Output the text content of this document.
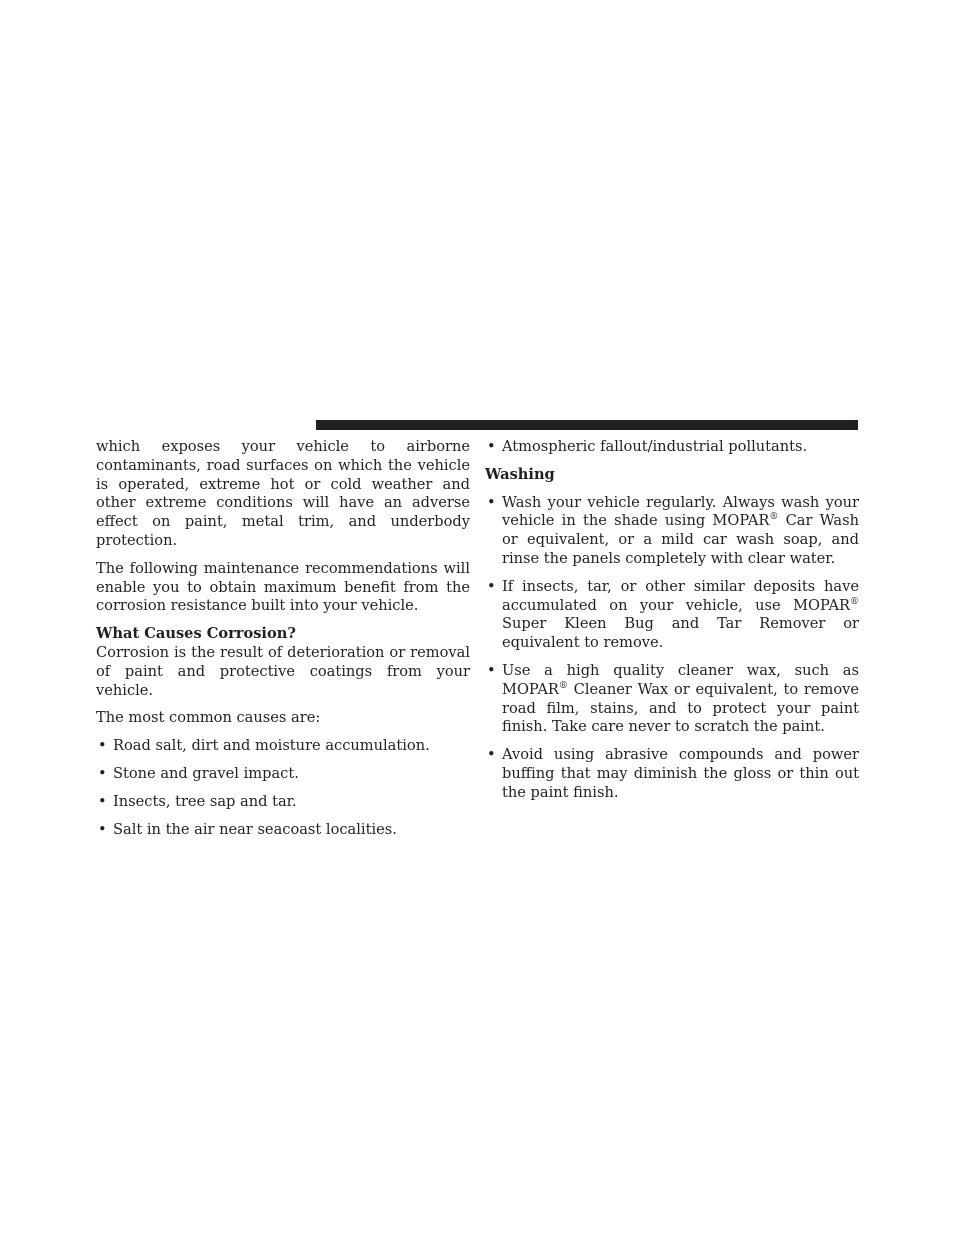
which exposes your vehicle to airborne contaminants, road surfaces on which the vehicle is operated, extreme hot or cold weather and other extreme conditions will have an adverse effect on paint, metal trim, and underbody protection.

The following maintenance recommendations will enable you to obtain maximum benefit from the corrosion resistance built into your vehicle.

What Causes Corrosion?

Corrosion is the result of deterioration or removal of paint and protective coatings from your vehicle.

The most common causes are:

• Road salt, dirt and moisture accumulation.
• Stone and gravel impact.
• Insects, tree sap and tar.
• Salt in the air near seacoast localities.
• Atmospheric fallout/industrial pollutants.
Washing
• Wash your vehicle regularly. Always wash your vehicle in the shade using MOPAR® Car Wash or equivalent, or a mild car wash soap, and rinse the panels completely with clear water.
• If insects, tar, or other similar deposits have accumulated on your vehicle, use MOPAR® Super Kleen Bug and Tar Remover or equivalent to remove.
• Use a high quality cleaner wax, such as MOPAR® Cleaner Wax or equivalent, to remove road film, stains, and to protect your paint finish. Take care never to scratch the paint.
• Avoid using abrasive compounds and power buffing that may diminish the gloss or thin out the paint finish.
